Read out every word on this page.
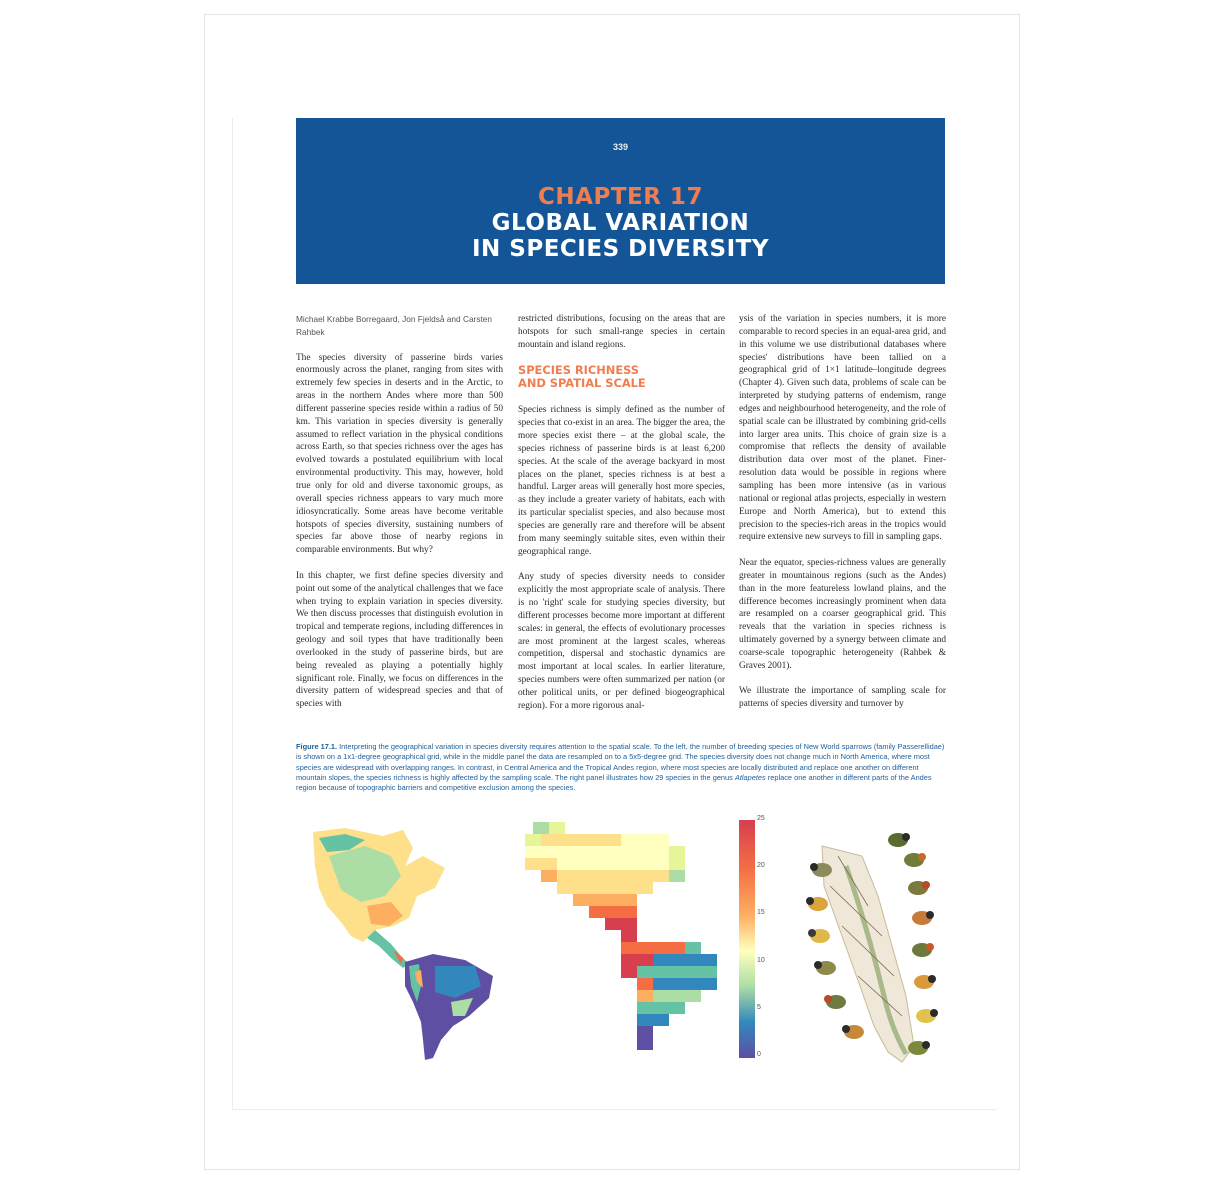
339
CHAPTER 17
GLOBAL VARIATION
IN SPECIES DIVERSITY

Michael Krabbe Borregaard, Jon Fjeldså and Carsten Rahbek

The species diversity of passerine birds varies enormously across the planet, ranging from sites with extremely few species in deserts and in the Arctic, to areas in the northern Andes where more than 500 different passerine species reside within a radius of 50 km. This variation in species diversity is generally assumed to reflect variation in the physical conditions across Earth, so that species richness over the ages has evolved towards a postulated equilibrium with local environmental productivity. This may, however, hold true only for old and diverse taxonomic groups, as overall species richness appears to vary much more idiosyncratically. Some areas have become veritable hotspots of species diversity, sustaining numbers of species far above those of nearby regions in comparable environments. But why?

In this chapter, we first define species diversity and point out some of the analytical challenges that we face when trying to explain variation in species diversity. We then discuss processes that distinguish evolution in tropical and temperate regions, including differences in geology and soil types that have traditionally been overlooked in the study of passerine birds, but are being revealed as playing a potentially highly significant role. Finally, we focus on differences in the diversity pattern of widespread species and that of species with

restricted distributions, focusing on the areas that are hotspots for such small-range species in certain mountain and island regions.

SPECIES RICHNESS
AND SPATIAL SCALE

Species richness is simply defined as the number of species that co-exist in an area. The bigger the area, the more species exist there – at the global scale, the species richness of passerine birds is at least 6,200 species. At the scale of the average backyard in most places on the planet, species richness is at best a handful. Larger areas will generally host more species, as they include a greater variety of habitats, each with its particular specialist species, and also because most species are generally rare and therefore will be absent from many seemingly suitable sites, even within their geographical range.

Any study of species diversity needs to consider explicitly the most appropriate scale of analysis. There is no 'right' scale for studying species diversity, but different processes become more important at different scales: in general, the effects of evolutionary processes are most prominent at the largest scales, whereas competition, dispersal and stochastic dynamics are most important at local scales. In earlier literature, species numbers were often summarized per nation (or other political units, or per defined biogeographical region). For a more rigorous anal-

ysis of the variation in species numbers, it is more comparable to record species in an equal-area grid, and in this volume we use distributional databases where species' distributions have been tallied on a geographical grid of 1×1 latitude–longitude degrees (Chapter 4). Given such data, problems of scale can be interpreted by studying patterns of endemism, range edges and neighbourhood heterogeneity, and the role of spatial scale can be illustrated by combining grid-cells into larger area units. This choice of grain size is a compromise that reflects the density of available distribution data over most of the planet. Finer-resolution data would be possible in regions where sampling has been more intensive (as in various national or regional atlas projects, especially in western Europe and North America), but to extend this precision to the species-rich areas in the tropics would require extensive new surveys to fill in sampling gaps.

Near the equator, species-richness values are generally greater in mountainous regions (such as the Andes) than in the more featureless lowland plains, and the difference becomes increasingly prominent when data are resampled on a coarser geographical grid. This reveals that the variation in species richness is ultimately governed by a synergy between climate and coarse-scale topographic heterogeneity (Rahbek & Graves 2001).

We illustrate the importance of sampling scale for patterns of species diversity and turnover by

Figure 17.1. Interpreting the geographical variation in species diversity requires attention to the spatial scale. To the left, the number of breeding species of New World sparrows (family Passerellidae) is shown on a 1x1-degree geographical grid, while in the middle panel the data are resampled on to a 5x5-degree grid. The species diversity does not change much in North America, where most species are widespread with overlapping ranges. In contrast, in Central America and the Tropical Andes region, where most species are locally distributed and replace one another on different mountain slopes, the species richness is highly affected by the sampling scale. The right panel illustrates how 29 species in the genus Atlapetes replace one another in different parts of the Andes region because of topographic barriers and competitive exclusion among the species.
25
20
15
10
5
0
